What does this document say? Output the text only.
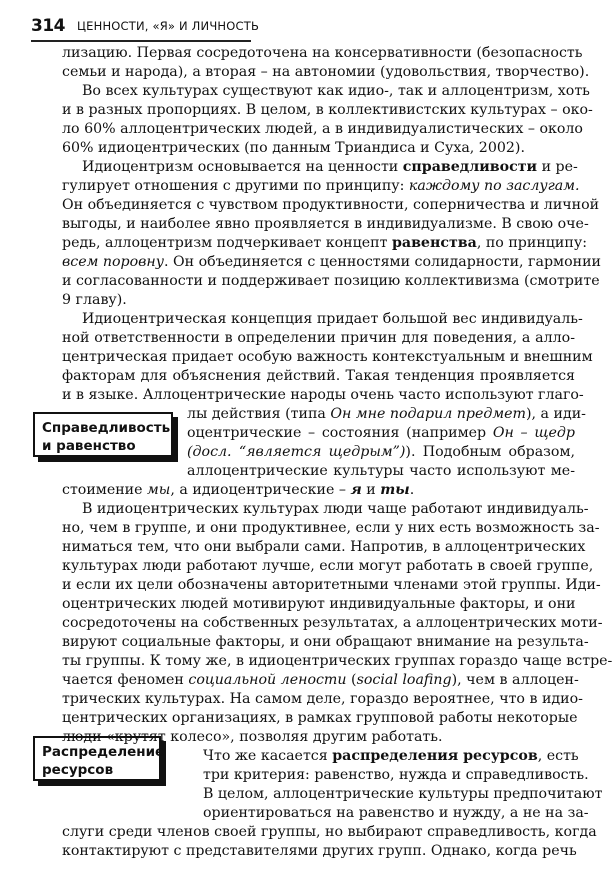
314 ЦЕННОСТИ, «Я» И ЛИЧНОСТЬ
Справедливость
и равенство
Распределение
ресурсов
лизацию. Первая сосредоточена на консервативности (безопасность
семьи и народа), а вторая – на автономии (удовольствия, творчество).
Во всех культурах существуют как идио-, так и аллоцентризм, хоть
и в разных пропорциях. В целом, в коллективистских культурах – око-
ло 60% аллоцентрических людей, а в индивидуалистических – около
60% идиоцентрических (по данным Триандиса и Суха, 2002).
Идиоцентризм основывается на ценности справедливости и ре-
гулирует отношения с другими по принципу: каждому по заслугам.
Он объединяется с чувством продуктивности, соперничества и личной
выгоды, и наиболее явно проявляется в индивидуализме. В свою оче-
редь, аллоцентризм подчеркивает концепт равенства, по принципу:
всем поровну. Он объединяется с ценностями солидарности, гармонии
и согласованности и поддерживает позицию коллективизма (смотрите
9 главу).
Идиоцентрическая концепция придает большой вес индивидуаль-
ной ответственности в определении причин для поведения, а алло-
центрическая придает особую важность контекстуальным и внешним
факторам для объяснения действий. Такая тенденция проявляется
и в языке. Аллоцентрические народы очень часто используют глаго-
лы действия (типа Он мне подарил предмет), а иди-
оцентрические – состояния (например Он – щедр
(досл. “является щедрым”)). Подобным образом,
аллоцентрические культуры часто используют ме-
стоимение мы, а идиоцентрические – я и ты.
В идиоцентрических культурах люди чаще работают индивидуаль-
но, чем в группе, и они продуктивнее, если у них есть возможность за-
ниматься тем, что они выбрали сами. Напротив, в аллоцентрических
культурах люди работают лучше, если могут работать в своей группе,
и если их цели обозначены авторитетными членами этой группы. Иди-
оцентрических людей мотивируют индивидуальные факторы, и они
сосредоточены на собственных результатах, а аллоцентрических моти-
вируют социальные факторы, и они обращают внимание на результа-
ты группы. К тому же, в идиоцентрических группах гораздо чаще встре-
чается феномен социальной лености (social loafing), чем в аллоцен-
трических культурах. На самом деле, гораздо вероятнее, что в идио-
центрических организациях, в рамках групповой работы некоторые
люди «крутят колесо», позволяя другим работать.
Что же касается распределения ресурсов, есть
три критерия: равенство, нужда и справедливость.
В целом, аллоцентрические культуры предпочитают
ориентироваться на равенство и нужду, а не на за-
слуги среди членов своей группы, но выбирают справедливость, когда
контактируют с представителями других групп. Однако, когда речь
